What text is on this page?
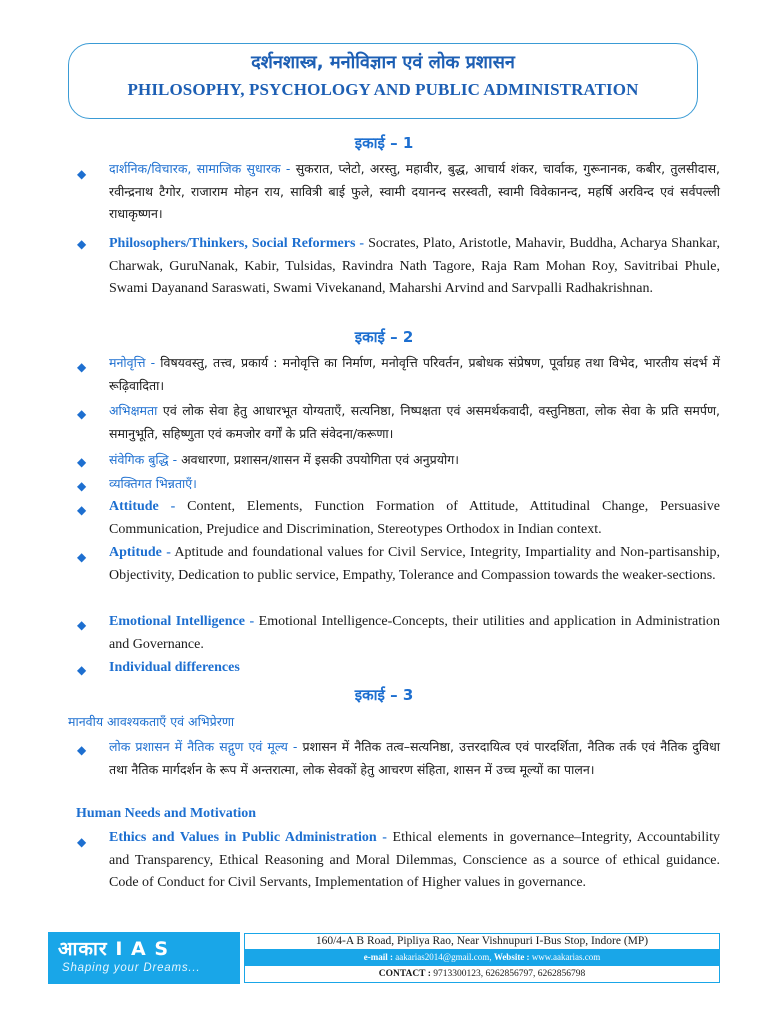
दर्शनशास्त्र, मनोविज्ञान एवं लोक प्रशासन
PHILOSOPHY, PSYCHOLOGY AND PUBLIC ADMINISTRATION
इकाई – 1
◆ दार्शनिक/विचारक, सामाजिक सुधारक - सुकरात, प्लेटो, अरस्तु, महावीर, बुद्ध, आचार्य शंकर, चार्वाक, गुरूनानक, कबीर, तुलसीदास, रवीन्द्रनाथ टैगोर, राजाराम मोहन राय, सावित्री बाई फुले, स्वामी दयानन्द सरस्वती, स्वामी विवेकानन्द, महर्षि अरविन्द एवं सर्वपल्ली राधाकृष्णन।
◆ Philosophers/Thinkers, Social Reformers - Socrates, Plato, Aristotle, Mahavir, Buddha, Acharya Shankar, Charwak, GuruNanak, Kabir, Tulsidas, Ravindra Nath Tagore, Raja Ram Mohan Roy, Savitribai Phule, Swami Dayanand Saraswati, Swami Vivekanand, Maharshi Arvind and Sarvpalli Radhakrishnan.
इकाई – 2
◆ मनोवृत्ति - विषयवस्तु, तत्त्व, प्रकार्य : मनोवृत्ति का निर्माण, मनोवृत्ति परिवर्तन, प्रबोधक संप्रेषण, पूर्वाग्रह तथा विभेद, भारतीय संदर्भ में रूढ़िवादिता।
◆ अभिक्षमता एवं लोक सेवा हेतु आधारभूत योग्यताएँ, सत्यनिष्ठा, निष्पक्षता एवं असमर्थकवादी, वस्तुनिष्ठता, लोक सेवा के प्रति समर्पण, समानुभूति, सहिष्णुता एवं कमजोर वर्गों के प्रति संवेदना/करूणा।
◆ संवेगिक बुद्धि - अवधारणा, प्रशासन/शासन में इसकी उपयोगिता एवं अनुप्रयोग।
◆ व्यक्तिगत भिन्नताएँ।
◆ Attitude - Content, Elements, Function Formation of Attitude, Attitudinal Change, Persuasive Communication, Prejudice and Discrimination, Stereotypes Orthodox in Indian context.
◆ Aptitude - Aptitude and foundational values for Civil Service, Integrity, Impartiality and Non-partisanship, Objectivity, Dedication to public service, Empathy, Tolerance and Compassion towards the weaker-sections.
◆ Emotional Intelligence - Emotional Intelligence-Concepts, their utilities and application in Administration and Governance.
◆ Individual differences
इकाई – 3
मानवीय आवश्यकताएँ एवं अभिप्रेरणा
◆ लोक प्रशासन में नैतिक सद्गुण एवं मूल्य - प्रशासन में नैतिक तत्व–सत्यनिष्ठा, उत्तरदायित्व एवं पारदर्शिता, नैतिक तर्क एवं नैतिक दुविधा तथा नैतिक मार्गदर्शन के रूप में अन्तरात्मा, लोक सेवकों हेतु आचरण संहिता, शासन में उच्च मूल्यों का पालन।
Human Needs and Motivation
◆ Ethics and Values in Public Administration - Ethical elements in governance–Integrity, Accountability and Transparency, Ethical Reasoning and Moral Dilemmas, Conscience as a source of ethical guidance. Code of Conduct for Civil Servants, Implementation of Higher values in governance.
आकार I A S
Shaping your Dreams...
160/4-A B Road, Pipliya Rao, Near Vishnupuri I-Bus Stop, Indore (MP)
e-mail : aakarias2014@gmail.com, Website : www.aakarias.com
CONTACT : 9713300123, 6262856797, 6262856798
